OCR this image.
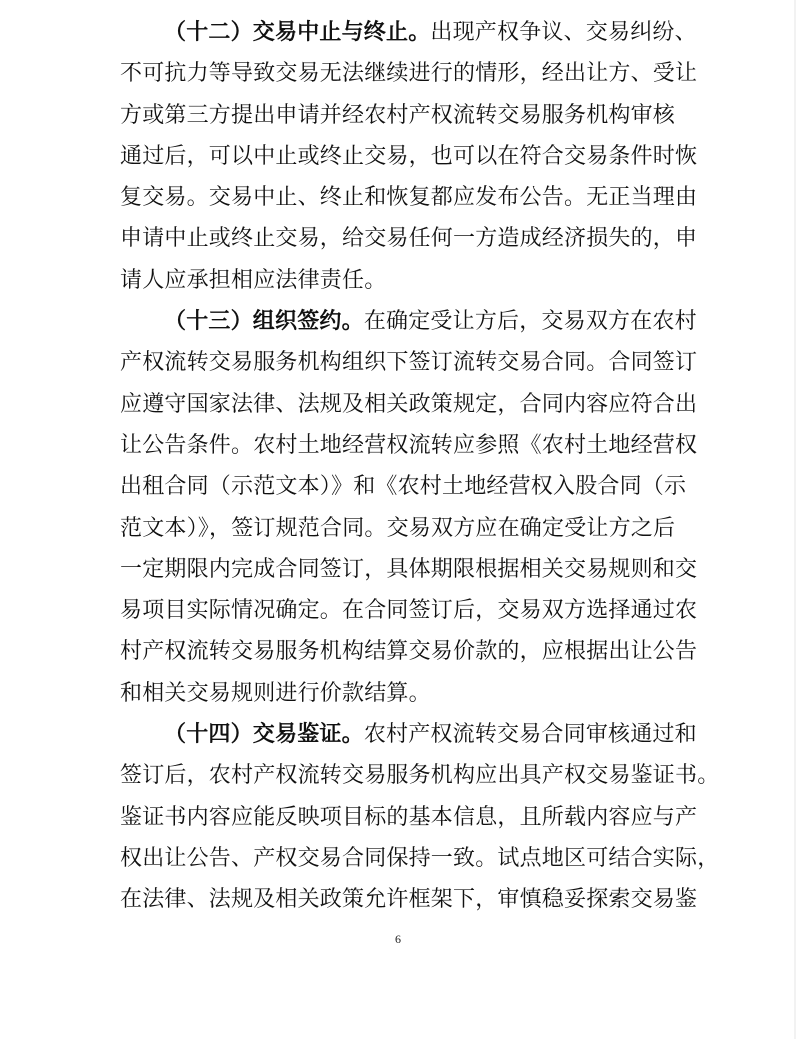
（十二）交易中止与终止。出现产权争议、交易纠纷、
不可抗力等导致交易无法继续进行的情形，经出让方、受让
方或第三方提出申请并经农村产权流转交易服务机构审核
通过后，可以中止或终止交易，也可以在符合交易条件时恢
复交易。交易中止、终止和恢复都应发布公告。无正当理由
申请中止或终止交易，给交易任何一方造成经济损失的，申
请人应承担相应法律责任。
（十三）组织签约。在确定受让方后，交易双方在农村
产权流转交易服务机构组织下签订流转交易合同。合同签订
应遵守国家法律、法规及相关政策规定，合同内容应符合出
让公告条件。农村土地经营权流转应参照《农村土地经营权
出租合同（示范文本）》和《农村土地经营权入股合同（示
范文本）》，签订规范合同。交易双方应在确定受让方之后
一定期限内完成合同签订，具体期限根据相关交易规则和交
易项目实际情况确定。在合同签订后，交易双方选择通过农
村产权流转交易服务机构结算交易价款的，应根据出让公告
和相关交易规则进行价款结算。
（十四）交易鉴证。农村产权流转交易合同审核通过和
签订后，农村产权流转交易服务机构应出具产权交易鉴证书。
鉴证书内容应能反映项目标的基本信息，且所载内容应与产
权出让公告、产权交易合同保持一致。试点地区可结合实际，
在法律、法规及相关政策允许框架下，审慎稳妥探索交易鉴
6
